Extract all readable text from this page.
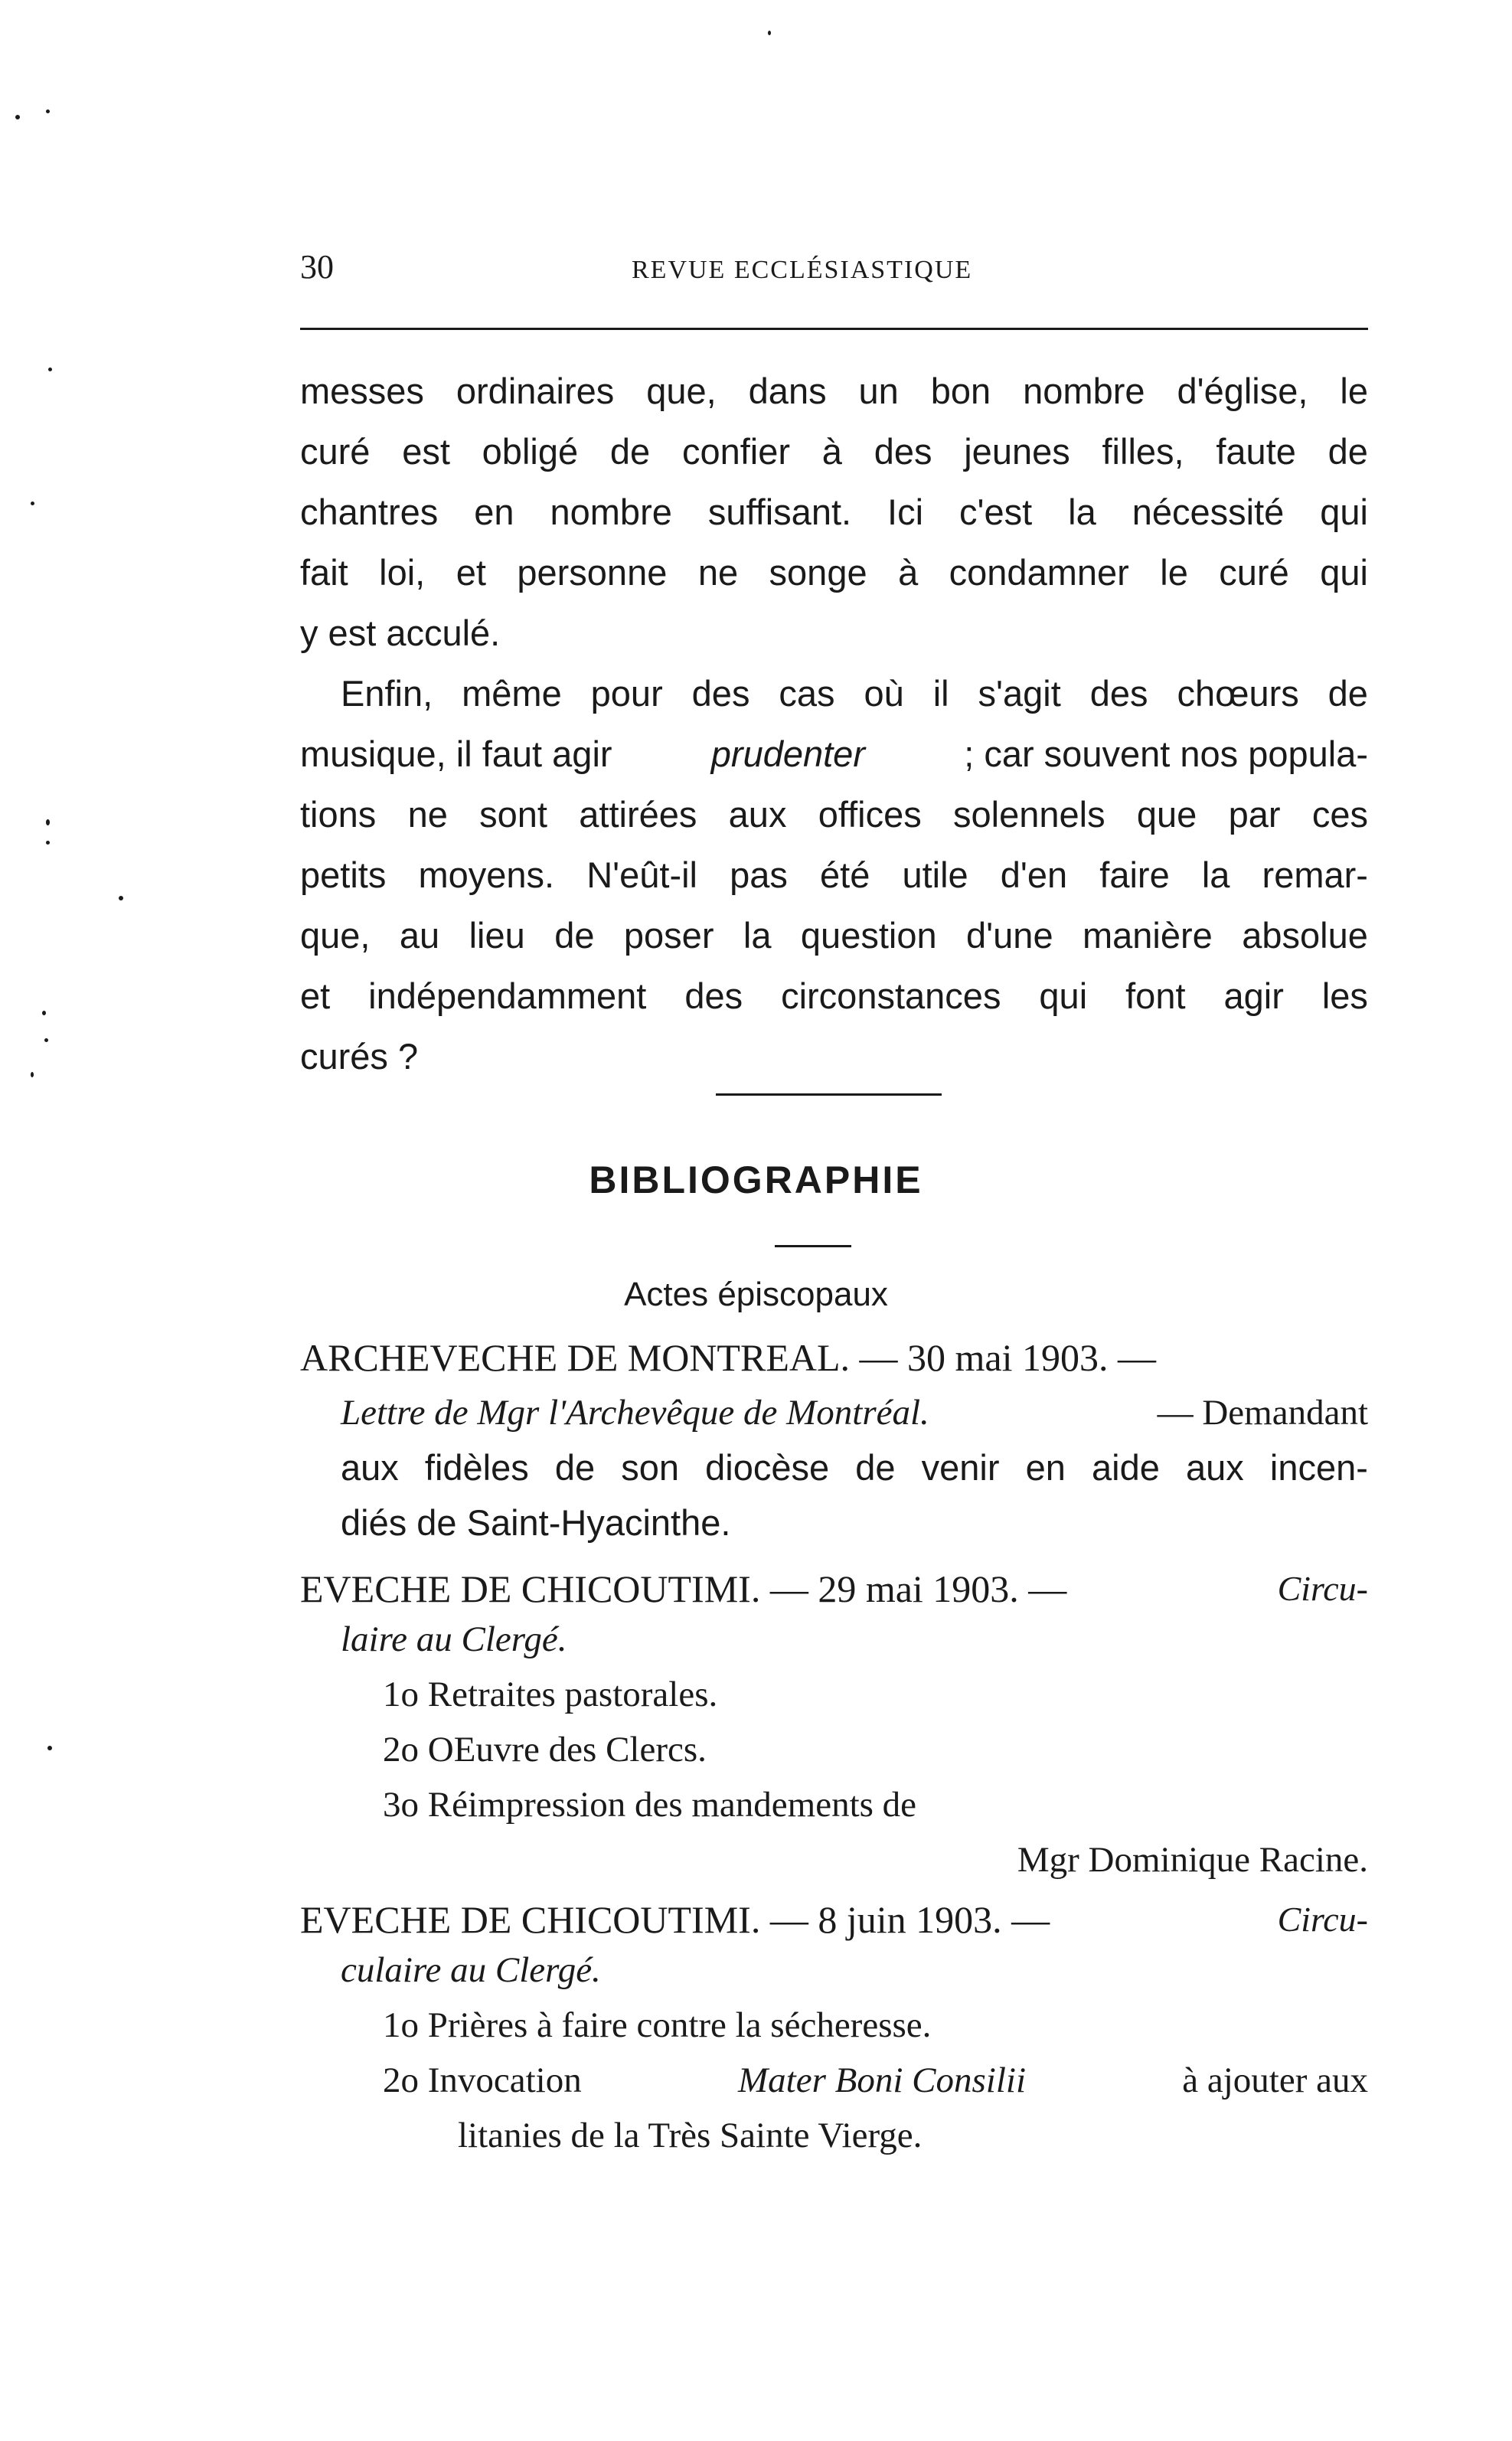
30	REVUE ECCLÉSIASTIQUE
messes ordinaires que, dans un bon nombre d'église, le
curé est obligé de confier à des jeunes filles, faute de
chantres en nombre suffisant. Ici c'est la nécessité qui
fait loi, et personne ne songe à condamner le curé qui
y est acculé.
Enfin, même pour des cas où il s'agit des chœurs de
musique, il faut agir	prudenter	; car souvent nos popula-
tions ne sont attirées aux offices solennels que par ces
petits moyens. N'eût-il pas été utile d'en faire la remar-
que, au lieu de poser la question d'une manière absolue
et indépendamment des circonstances qui font agir les
curés ?
BIBLIOGRAPHIE
Actes épiscopaux
ARCHEVECHE DE MONTREAL. — 30 mai 1903. —
Lettre de Mgr l'Archevêque de Montréal.	— Demandant
aux fidèles de son diocèse de venir en aide aux incen-
diés de Saint-Hyacinthe.
EVECHE DE CHICOUTIMI. — 29 mai 1903. —	Circu-
laire au Clergé.
1o Retraites pastorales.
2o OEuvre des Clercs.
3o Réimpression des mandements de
Mgr Dominique Racine.
EVECHE DE CHICOUTIMI. — 8 juin 1903. —	Circu-
culaire au Clergé.
1o Prières à faire contre la sécheresse.
2o Invocation	Mater Boni Consilii	à ajouter aux
litanies de la Très Sainte Vierge.
